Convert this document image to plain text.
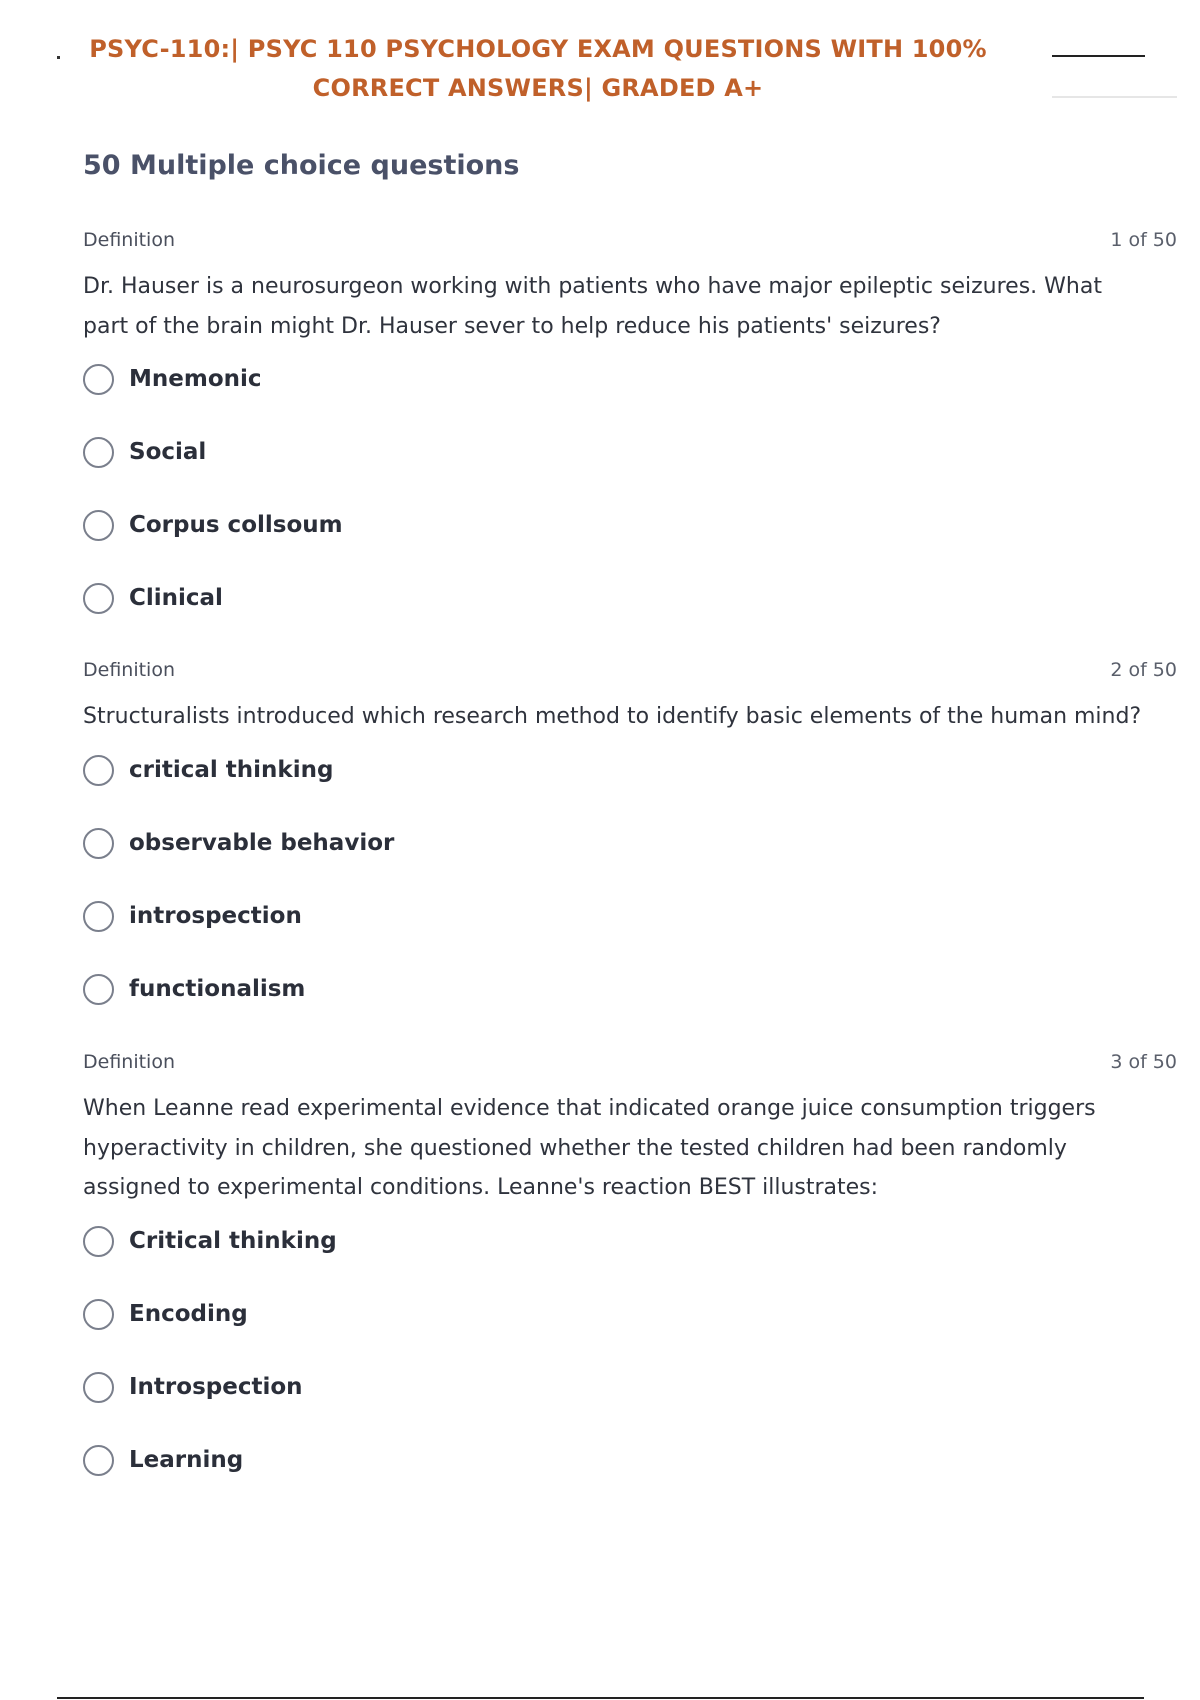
PSYC-110:| PSYC 110 PSYCHOLOGY EXAM QUESTIONS WITH 100%
CORRECT ANSWERS| GRADED A+
50 Multiple choice questions
Definition	1 of 50
Dr. Hauser is a neurosurgeon working with patients who have major epileptic seizures. What part of the brain might Dr. Hauser sever to help reduce his patients' seizures?
Mnemonic
Social
Corpus collsoum
Clinical
Definition	2 of 50
Structuralists introduced which research method to identify basic elements of the human mind?
critical thinking
observable behavior
introspection
functionalism
Definition	3 of 50
When Leanne read experimental evidence that indicated orange juice consumption triggers hyperactivity in children, she questioned whether the tested children had been randomly assigned to experimental conditions. Leanne's reaction BEST illustrates:
Critical thinking
Encoding
Introspection
Learning
